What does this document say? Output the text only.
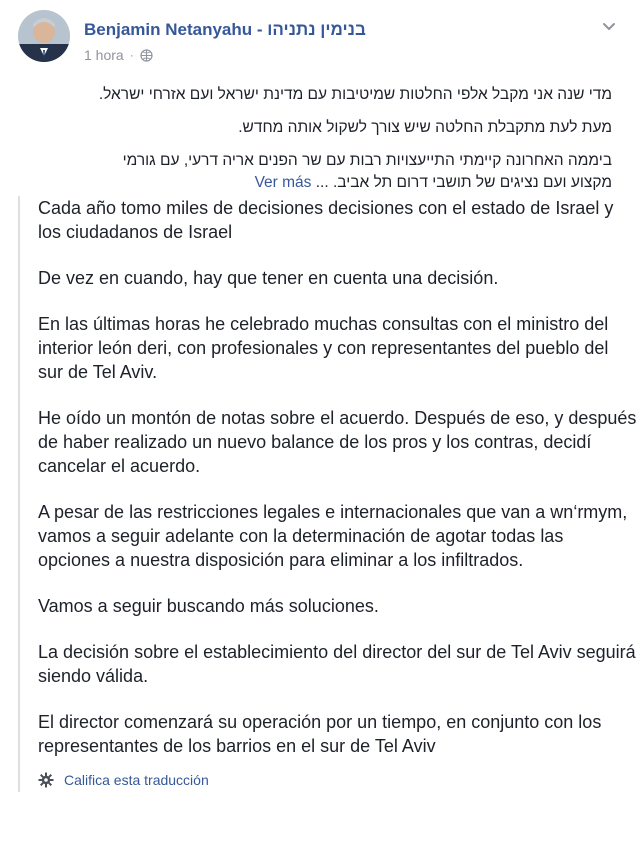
Benjamin Netanyahu - בנימין נתניהו
1 hora ·

מדי שנה אני מקבל אלפי החלטות שמיטיבות עם מדינת ישראל ועם אזרחי ישראל.

מעת לעת מתקבלת החלטה שיש צורך לשקול אותה מחדש.

ביממה האחרונה קיימתי התייעצויות רבות עם שר הפנים אריה דרעי, עם גורמי
מקצוע ועם נציגים של תושבי דרום תל אביב. ... Ver más

Cada año tomo miles de decisiones decisiones con el estado de Israel y los ciudadanos de Israel

De vez en cuando, hay que tener en cuenta una decisión.

En las últimas horas he celebrado muchas consultas con el ministro del interior león deri, con profesionales y con representantes del pueblo del sur de Tel Aviv.

He oído un montón de notas sobre el acuerdo. Después de eso, y después de haber realizado un nuevo balance de los pros y los contras, decidí cancelar el acuerdo.

A pesar de las restricciones legales e internacionales que van a wn‘rmym, vamos a seguir adelante con la determinación de agotar todas las opciones a nuestra disposición para eliminar a los infiltrados.

Vamos a seguir buscando más soluciones.

La decisión sobre el establecimiento del director del sur de Tel Aviv seguirá siendo válida.

El director comenzará su operación por un tiempo, en conjunto con los representantes de los barrios en el sur de Tel Aviv

Califica esta traducción
